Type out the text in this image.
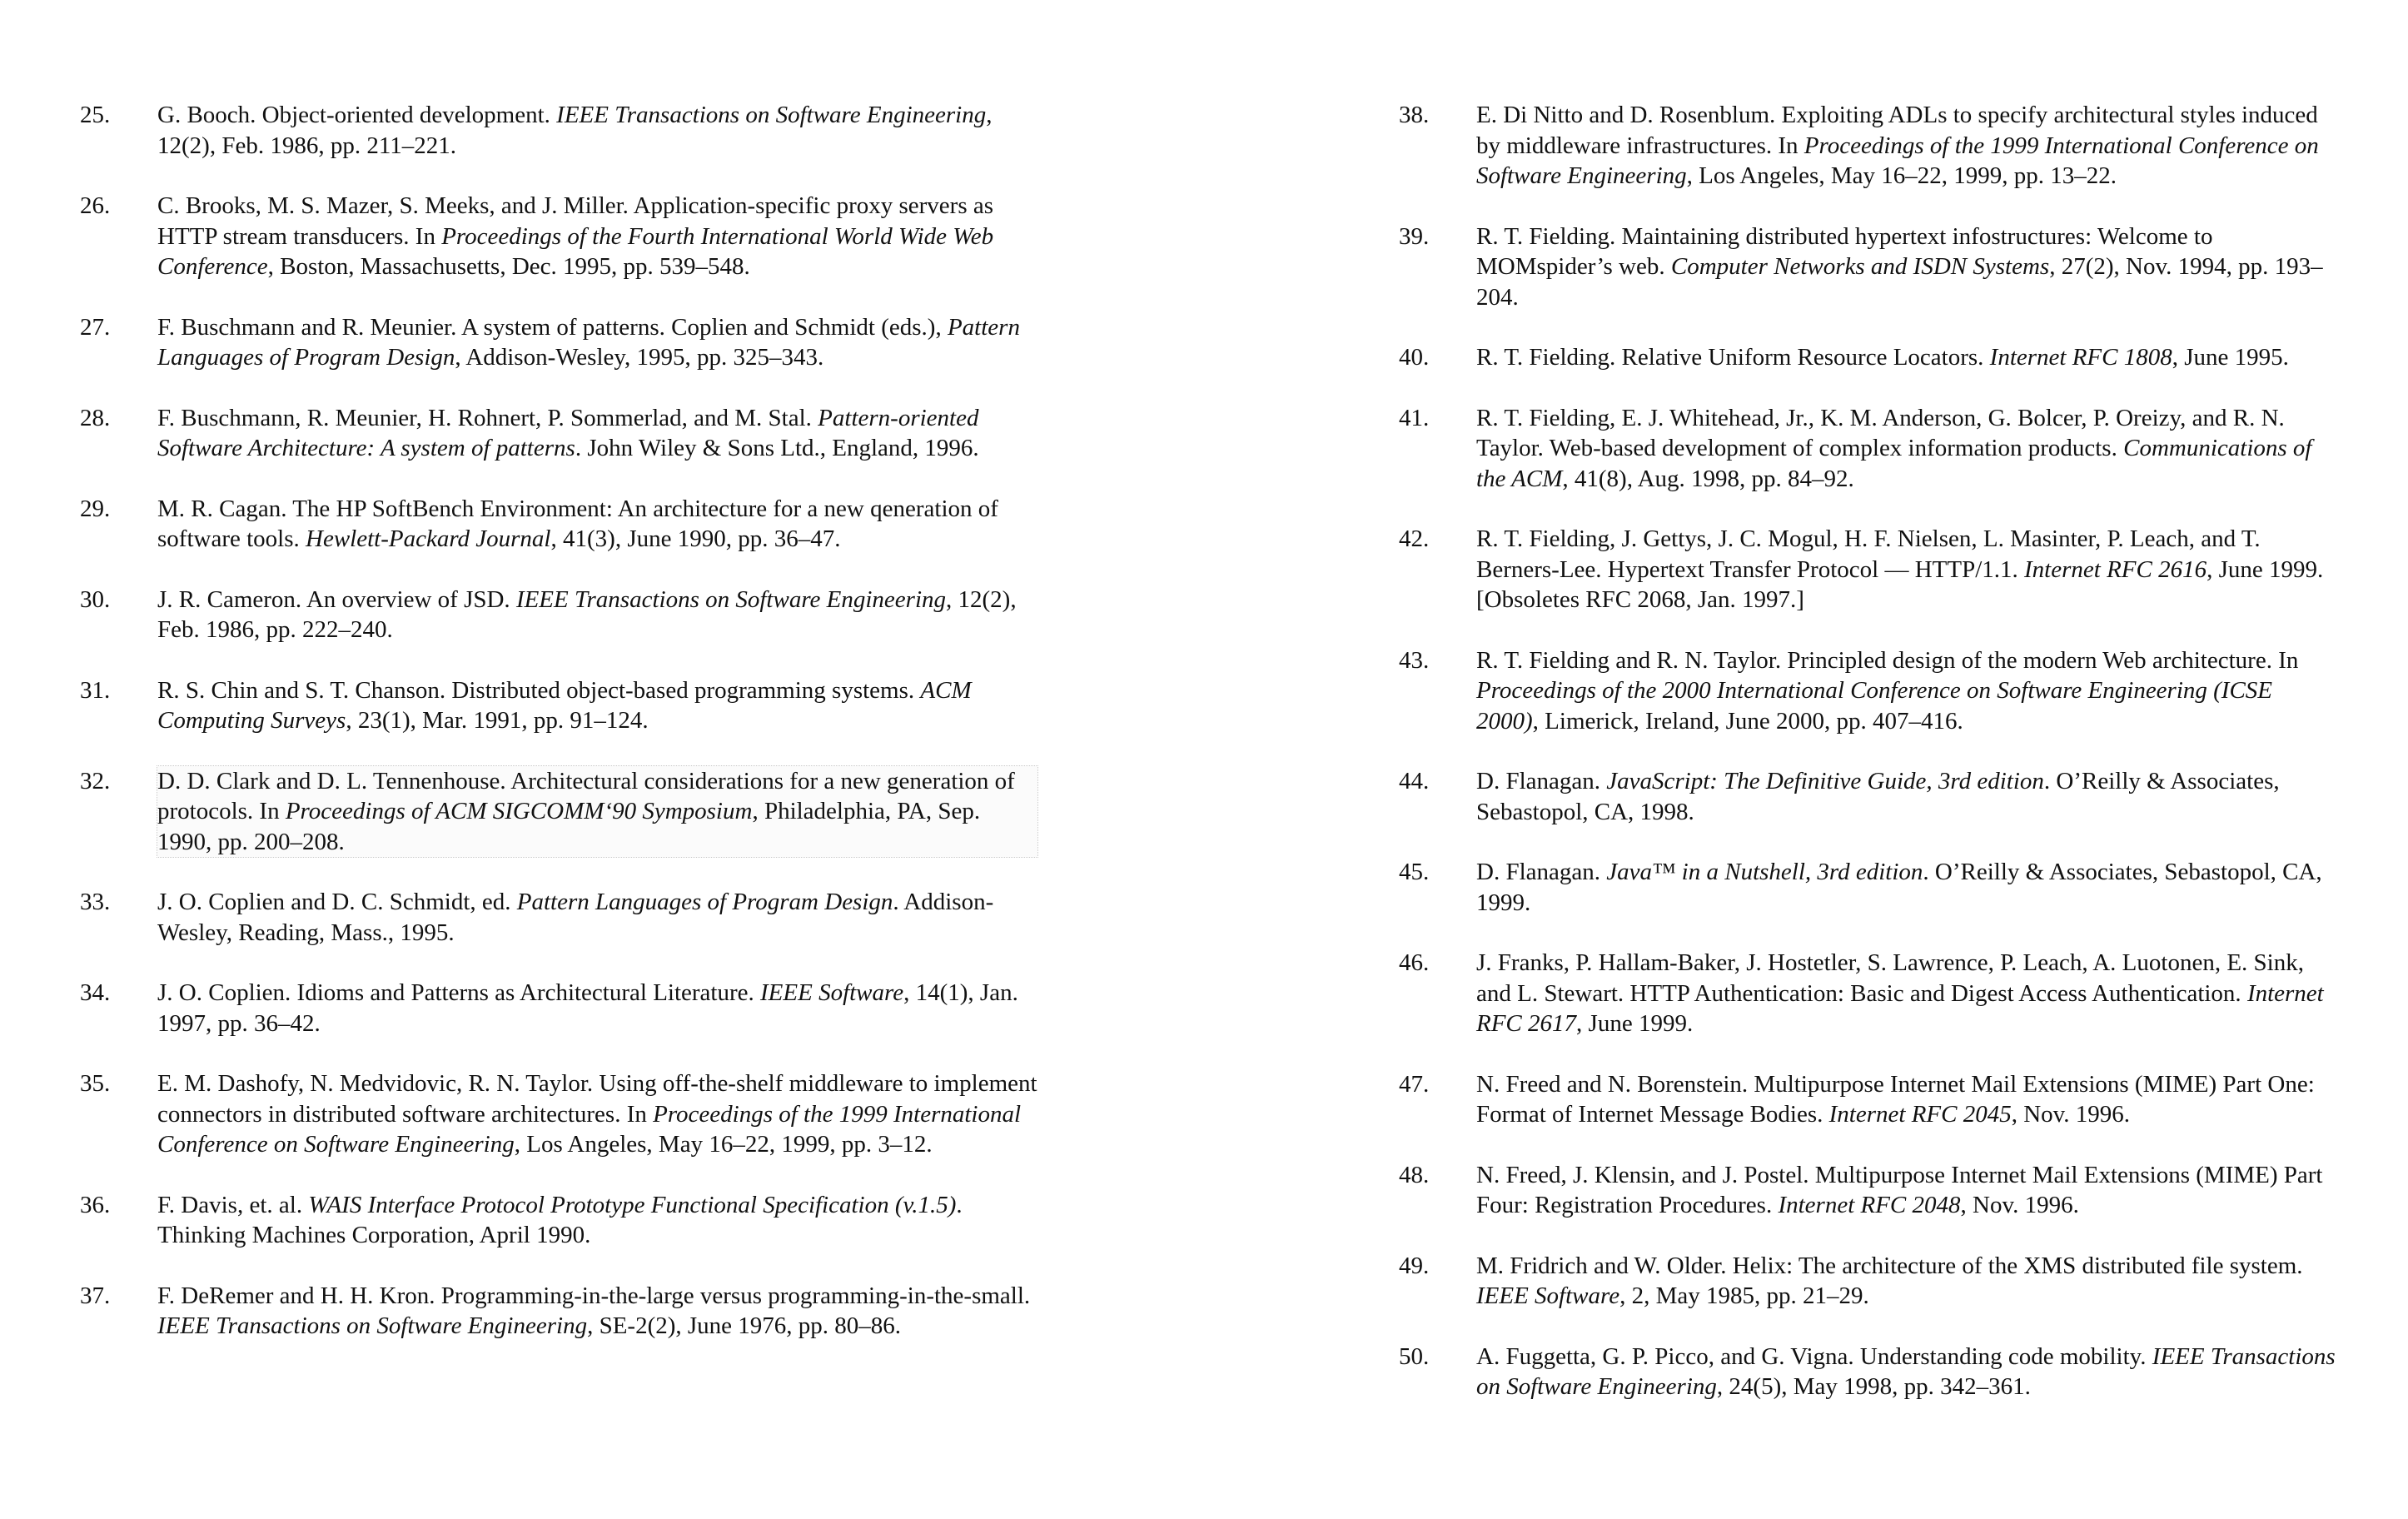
25. G. Booch. Object-oriented development. IEEE Transactions on Software Engineering, 12(2), Feb. 1986, pp. 211–221.
26. C. Brooks, M. S. Mazer, S. Meeks, and J. Miller. Application-specific proxy servers as HTTP stream transducers. In Proceedings of the Fourth International World Wide Web Conference, Boston, Massachusetts, Dec. 1995, pp. 539–548.
27. F. Buschmann and R. Meunier. A system of patterns. Coplien and Schmidt (eds.), Pattern Languages of Program Design, Addison-Wesley, 1995, pp. 325–343.
28. F. Buschmann, R. Meunier, H. Rohnert, P. Sommerlad, and M. Stal. Pattern-oriented Software Architecture: A system of patterns. John Wiley & Sons Ltd., England, 1996.
29. M. R. Cagan. The HP SoftBench Environment: An architecture for a new qeneration of software tools. Hewlett-Packard Journal, 41(3), June 1990, pp. 36–47.
30. J. R. Cameron. An overview of JSD. IEEE Transactions on Software Engineering, 12(2), Feb. 1986, pp. 222–240.
31. R. S. Chin and S. T. Chanson. Distributed object-based programming systems. ACM Computing Surveys, 23(1), Mar. 1991, pp. 91–124.
32. D. D. Clark and D. L. Tennenhouse. Architectural considerations for a new generation of protocols. In Proceedings of ACM SIGCOMM‘90 Symposium, Philadelphia, PA, Sep. 1990, pp. 200–208.
33. J. O. Coplien and D. C. Schmidt, ed. Pattern Languages of Program Design. Addison-Wesley, Reading, Mass., 1995.
34. J. O. Coplien. Idioms and Patterns as Architectural Literature. IEEE Software, 14(1), Jan. 1997, pp. 36–42.
35. E. M. Dashofy, N. Medvidovic, R. N. Taylor. Using off-the-shelf middleware to implement connectors in distributed software architectures. In Proceedings of the 1999 International Conference on Software Engineering, Los Angeles, May 16–22, 1999, pp. 3–12.
36. F. Davis, et. al. WAIS Interface Protocol Prototype Functional Specification (v.1.5). Thinking Machines Corporation, April 1990.
37. F. DeRemer and H. H. Kron. Programming-in-the-large versus programming-in-the-small. IEEE Transactions on Software Engineering, SE-2(2), June 1976, pp. 80–86.
38. E. Di Nitto and D. Rosenblum. Exploiting ADLs to specify architectural styles induced by middleware infrastructures. In Proceedings of the 1999 International Conference on Software Engineering, Los Angeles, May 16–22, 1999, pp. 13–22.
39. R. T. Fielding. Maintaining distributed hypertext infostructures: Welcome to MOMspider’s web. Computer Networks and ISDN Systems, 27(2), Nov. 1994, pp. 193–204.
40. R. T. Fielding. Relative Uniform Resource Locators. Internet RFC 1808, June 1995.
41. R. T. Fielding, E. J. Whitehead, Jr., K. M. Anderson, G. Bolcer, P. Oreizy, and R. N. Taylor. Web-based development of complex information products. Communications of the ACM, 41(8), Aug. 1998, pp. 84–92.
42. R. T. Fielding, J. Gettys, J. C. Mogul, H. F. Nielsen, L. Masinter, P. Leach, and T. Berners-Lee. Hypertext Transfer Protocol — HTTP/1.1. Internet RFC 2616, June 1999. [Obsoletes RFC 2068, Jan. 1997.]
43. R. T. Fielding and R. N. Taylor. Principled design of the modern Web architecture. In Proceedings of the 2000 International Conference on Software Engineering (ICSE 2000), Limerick, Ireland, June 2000, pp. 407–416.
44. D. Flanagan. JavaScript: The Definitive Guide, 3rd edition. O’Reilly & Associates, Sebastopol, CA, 1998.
45. D. Flanagan. Java™ in a Nutshell, 3rd edition. O’Reilly & Associates, Sebastopol, CA, 1999.
46. J. Franks, P. Hallam-Baker, J. Hostetler, S. Lawrence, P. Leach, A. Luotonen, E. Sink, and L. Stewart. HTTP Authentication: Basic and Digest Access Authentication. Internet RFC 2617, June 1999.
47. N. Freed and N. Borenstein. Multipurpose Internet Mail Extensions (MIME) Part One: Format of Internet Message Bodies. Internet RFC 2045, Nov. 1996.
48. N. Freed, J. Klensin, and J. Postel. Multipurpose Internet Mail Extensions (MIME) Part Four: Registration Procedures. Internet RFC 2048, Nov. 1996.
49. M. Fridrich and W. Older. Helix: The architecture of the XMS distributed file system. IEEE Software, 2, May 1985, pp. 21–29.
50. A. Fuggetta, G. P. Picco, and G. Vigna. Understanding code mobility. IEEE Transactions on Software Engineering, 24(5), May 1998, pp. 342–361.
